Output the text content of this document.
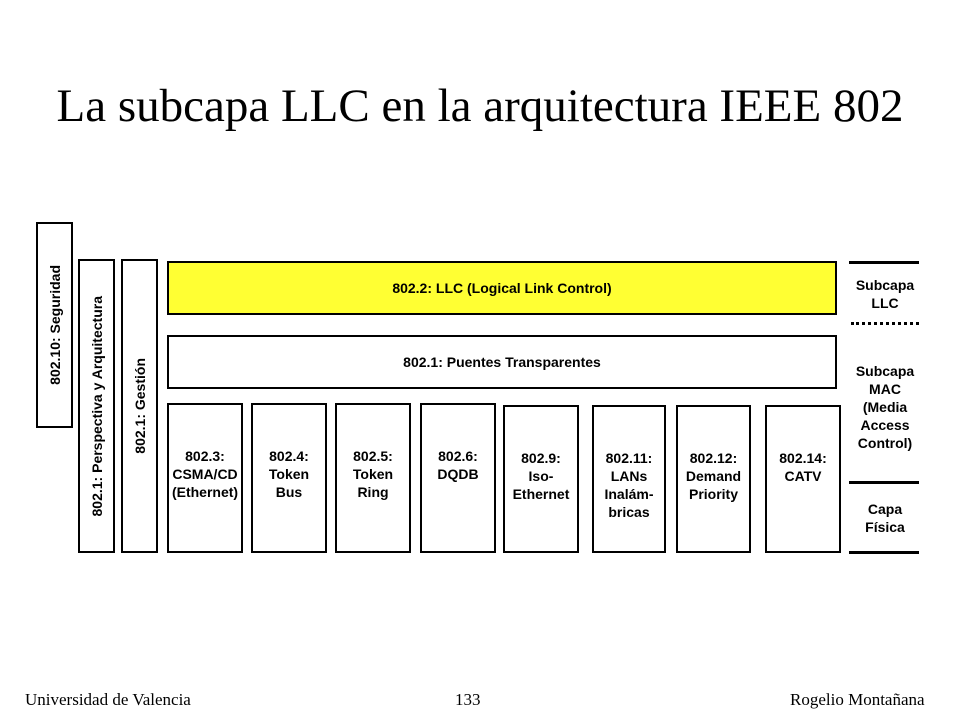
La subcapa LLC en la arquitectura IEEE 802
802.10: Seguridad 802.1: Perspectiva y Arquitectura 802.1: Gestión
802.2: LLC (Logical Link Control)
802.1: Puentes Transparentes
802.3:
CSMA/CD
(Ethernet)
802.4:
Token
Bus
802.5:
Token
Ring
802.6:
DQDB
802.9:
Iso-
Ethernet
802.11:
LANs
Inalám-
bricas
802.12:
Demand
Priority
802.14:
CATV
Subcapa
LLC
Subcapa
MAC
(Media
Access
Control)
Capa
Física
Universidad de Valencia	133	Rogelio Montañana
